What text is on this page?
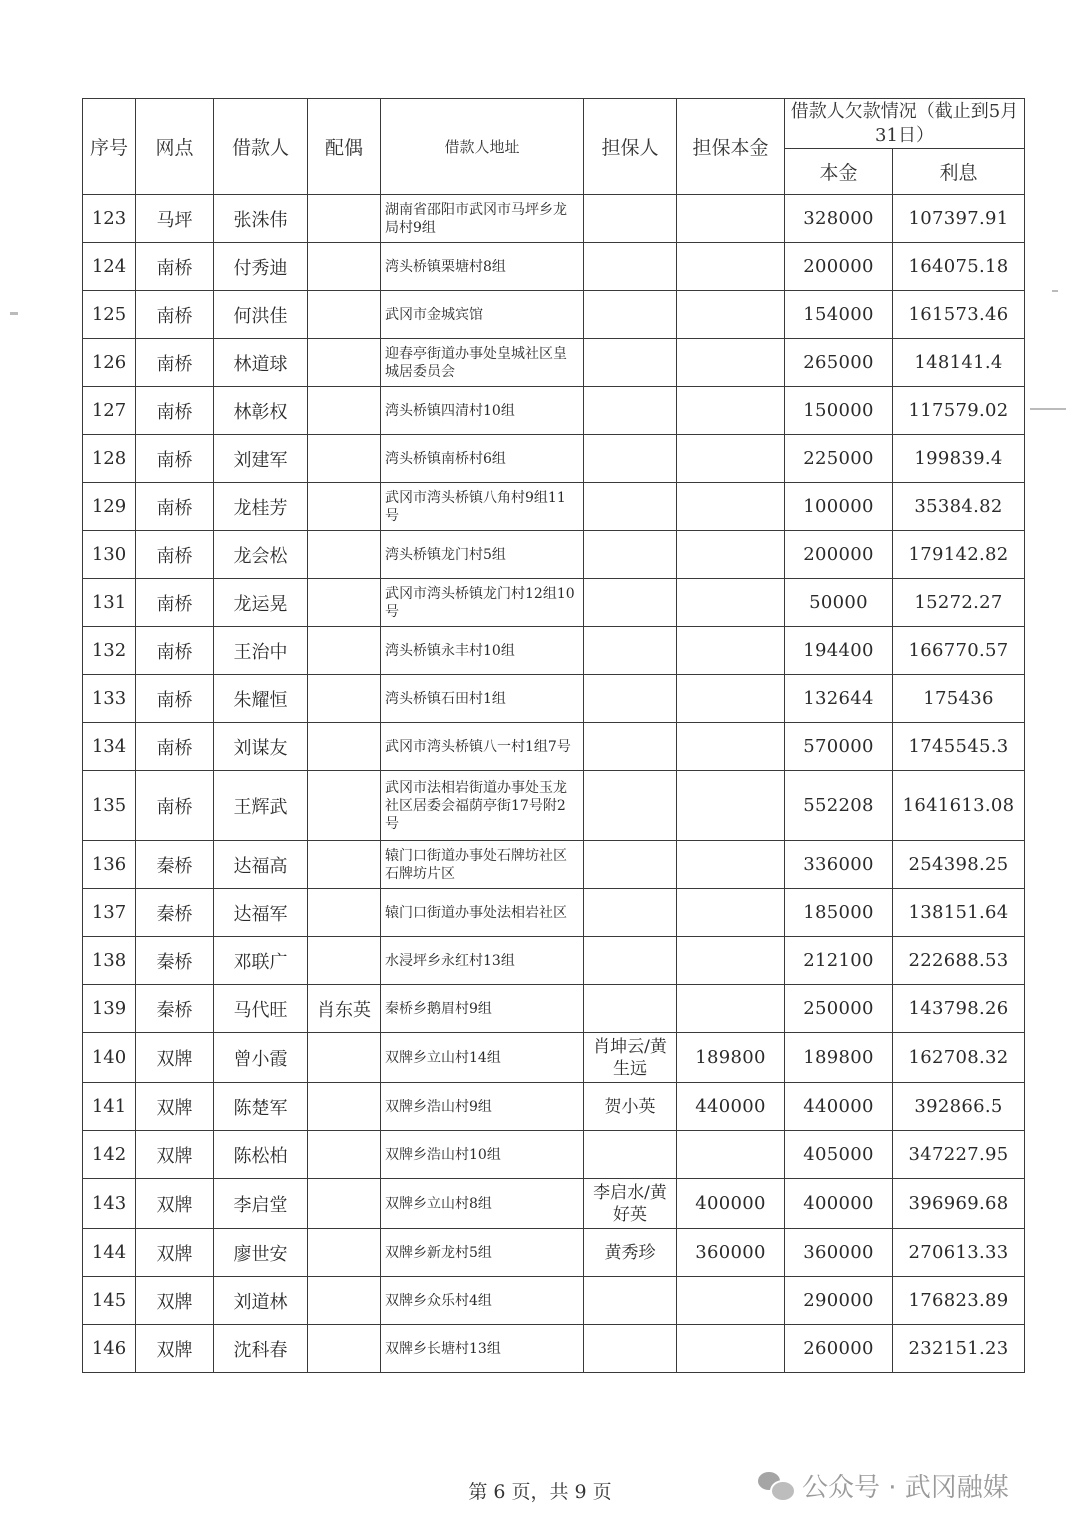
序号	网点	借款人	配偶	借款人地址	担保人	担保本金	借款人欠款情况（截止到5月31日）	
							本金	利息
123	马坪	张洙伟		湖南省邵阳市武冈市马坪乡龙局村9组			328000	107397.91
124	南桥	付秀迪		湾头桥镇栗塘村8组			200000	164075.18
125	南桥	何洪佳		武冈市金城宾馆			154000	161573.46
126	南桥	林道球		迎春亭街道办事处皇城社区皇城居委员会			265000	148141.4
127	南桥	林彰权		湾头桥镇四清村10组			150000	117579.02
128	南桥	刘建军		湾头桥镇南桥村6组			225000	199839.4
129	南桥	龙桂芳		武冈市湾头桥镇八角村9组11号			100000	35384.82
130	南桥	龙会松		湾头桥镇龙门村5组			200000	179142.82
131	南桥	龙运晃		武冈市湾头桥镇龙门村12组10号			50000	15272.27
132	南桥	王治中		湾头桥镇永丰村10组			194400	166770.57
133	南桥	朱耀恒		湾头桥镇石田村1组			132644	175436
134	南桥	刘谋友		武冈市湾头桥镇八一村1组7号			570000	1745545.3
135	南桥	王辉武		武冈市法相岩街道办事处玉龙社区居委会福荫亭街17号附2号			552208	1641613.08
136	秦桥	达福高		辕门口街道办事处石牌坊社区石牌坊片区			336000	254398.25
137	秦桥	达福军		辕门口街道办事处法相岩社区			185000	138151.64
138	秦桥	邓联广		水浸坪乡永红村13组			212100	222688.53
139	秦桥	马代旺	肖东英	秦桥乡鹅眉村9组			250000	143798.26
140	双牌	曾小霞		双牌乡立山村14组	肖坤云/黄生远	189800	189800	162708.32
141	双牌	陈楚军		双牌乡浩山村9组	贺小英	440000	440000	392866.5
142	双牌	陈松柏		双牌乡浩山村10组			405000	347227.95
143	双牌	李启堂		双牌乡立山村8组	李启水/黄好英	400000	400000	396969.68
144	双牌	廖世安		双牌乡新龙村5组	黄秀珍	360000	360000	270613.33
145	双牌	刘道林		双牌乡众乐村4组			290000	176823.89
146	双牌	沈科春		双牌乡长塘村13组			260000	232151.23
第 6 页，共 9 页	公众号 · 武冈融媒
